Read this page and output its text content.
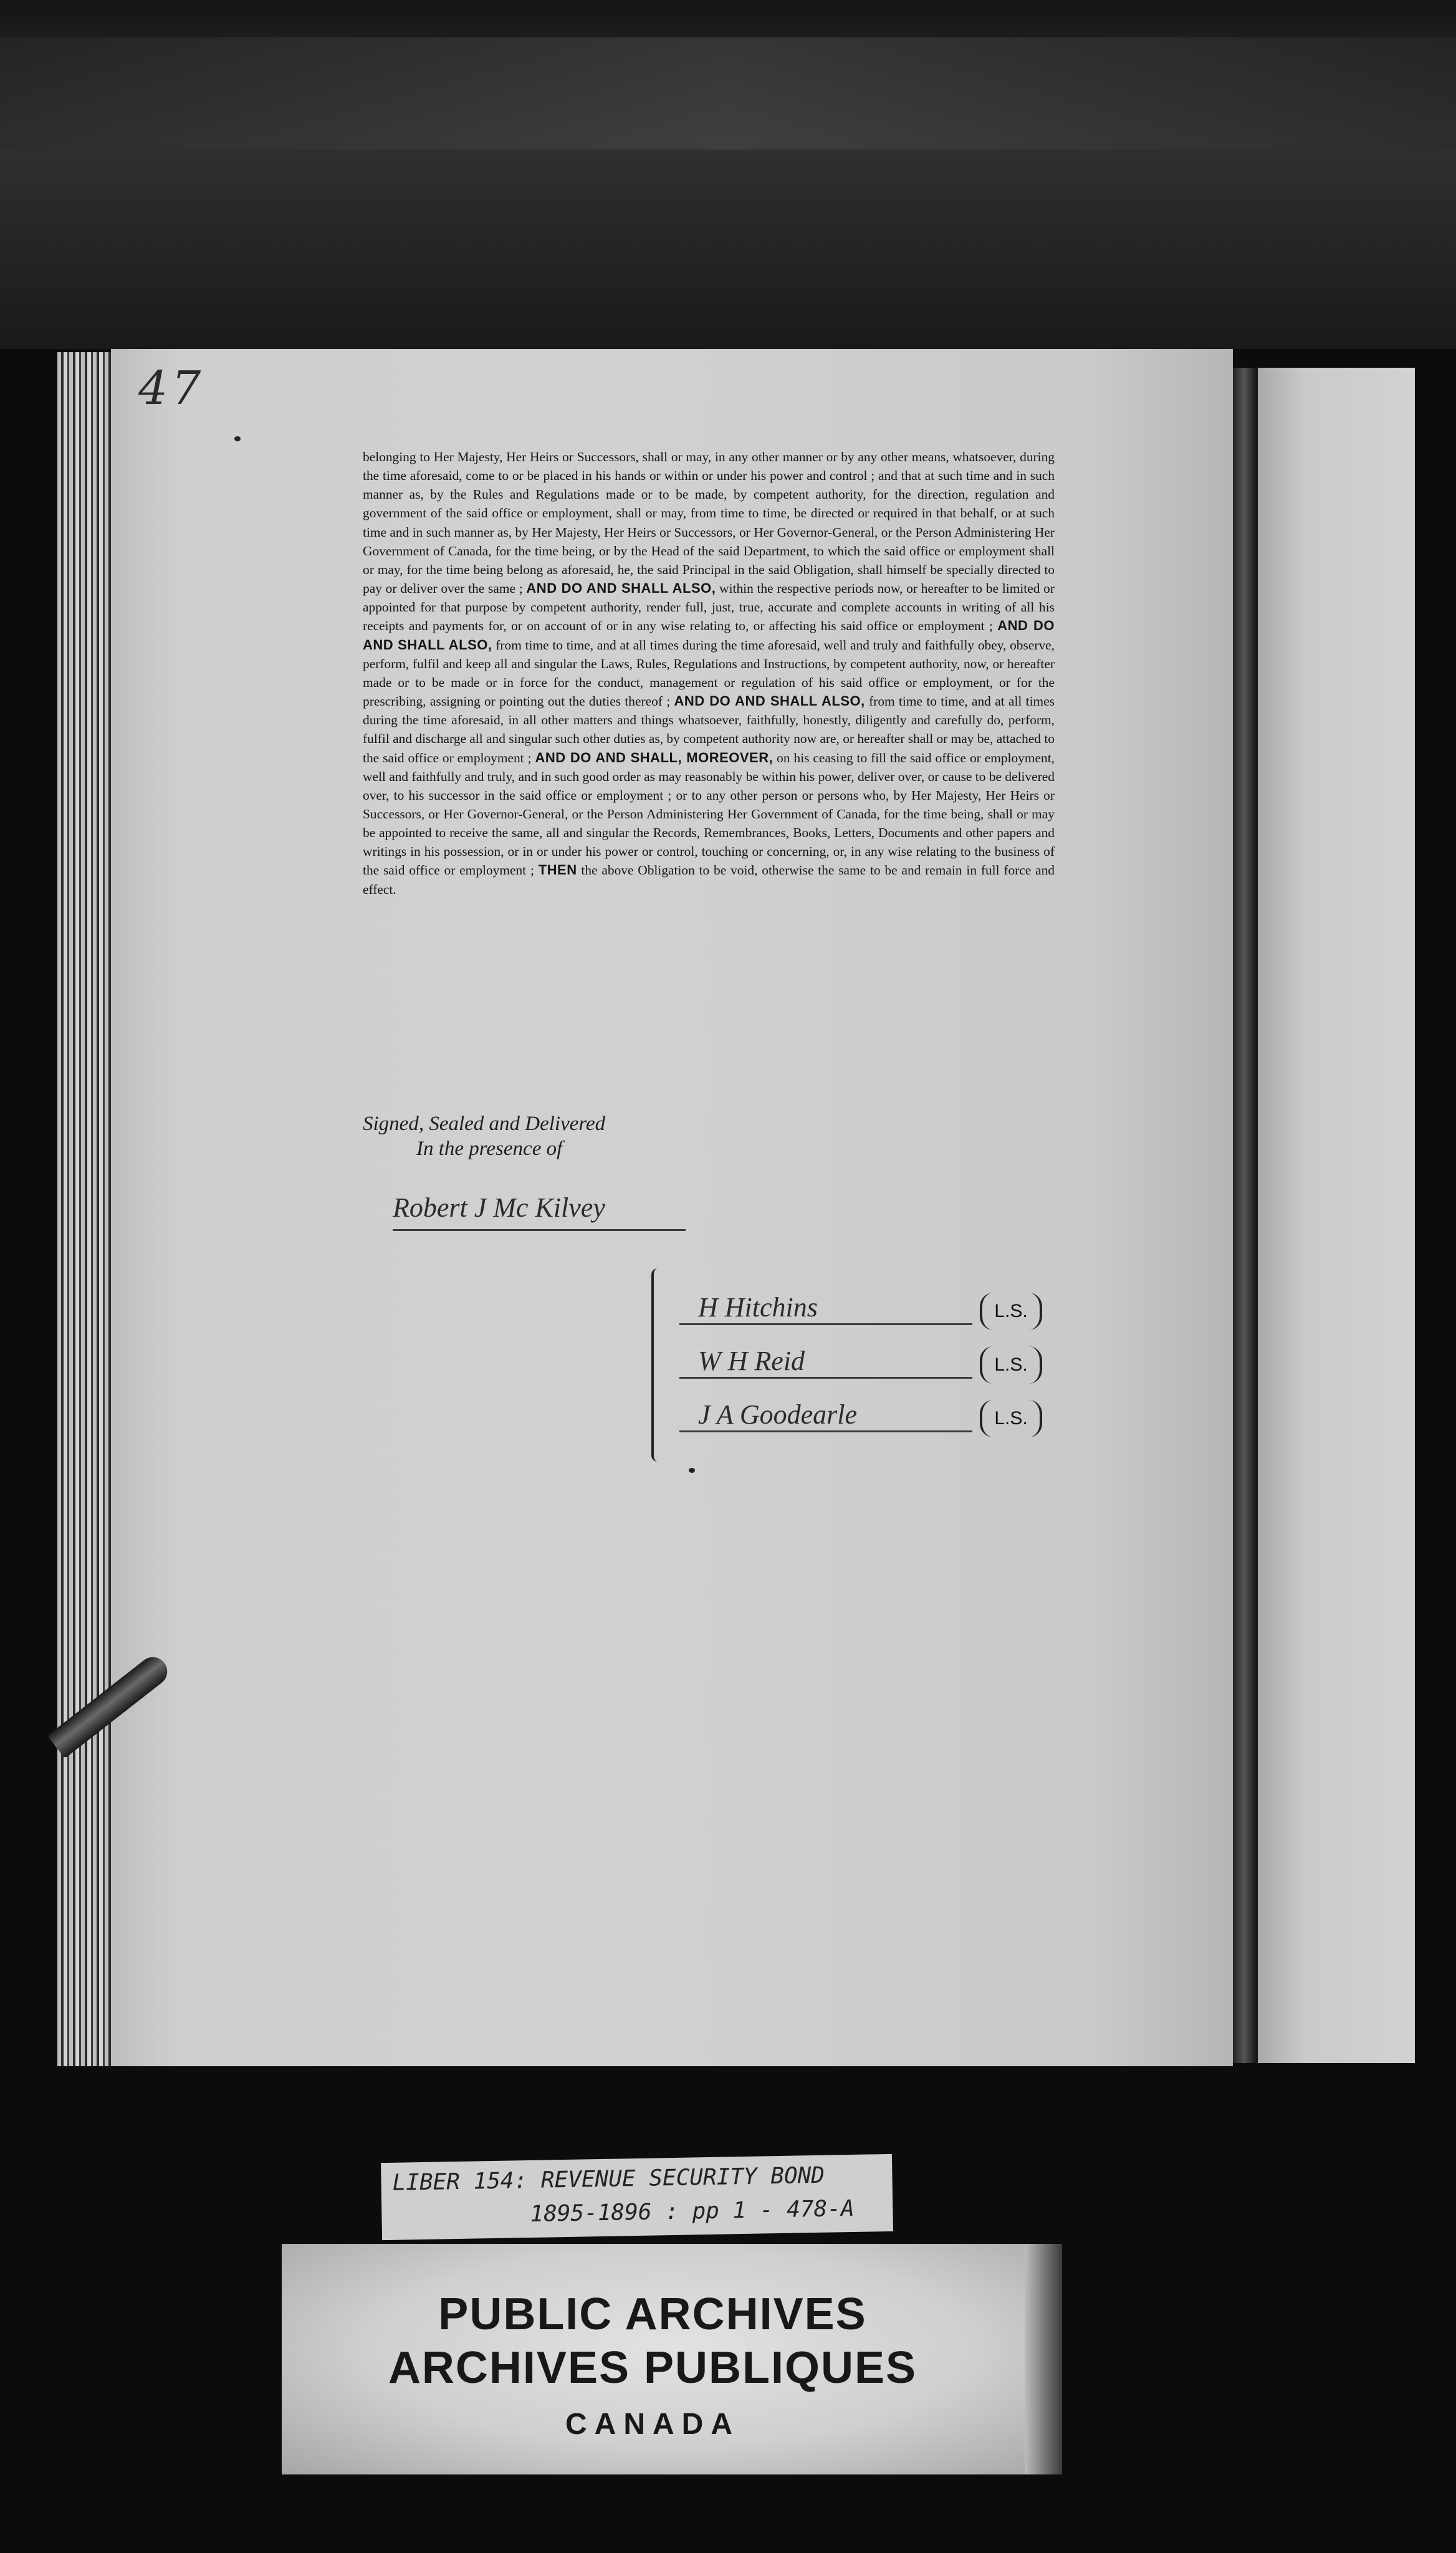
47

belonging to Her Majesty, Her Heirs or Successors, shall or may, in any other manner or by any other means, whatsoever, during the time aforesaid, come to or be placed in his hands or within or under his power and control ; and that at such time and in such manner as, by the Rules and Regulations made or to be made, by competent authority, for the direction, regulation and government of the said office or employment, shall or may, from time to time, be directed or required in that behalf, or at such time and in such manner as, by Her Majesty, Her Heirs or Successors, or Her Governor-General, or the Person Administering Her Government of Canada, for the time being, or by the Head of the said Department, to which the said office or employment shall or may, for the time being belong as aforesaid, he, the said Principal in the said Obligation, shall himself be specially directed to pay or deliver over the same ; AND DO AND SHALL ALSO, within the respective periods now, or hereafter to be limited or appointed for that purpose by competent authority, render full, just, true, accurate and complete accounts in writing of all his receipts and payments for, or on account of or in any wise relating to, or affecting his said office or employment ; AND DO AND SHALL ALSO, from time to time, and at all times during the time aforesaid, well and truly and faithfully obey, observe, perform, fulfil and keep all and singular the Laws, Rules, Regulations and Instructions, by competent authority, now, or hereafter made or to be made or in force for the conduct, management or regulation of his said office or employment, or for the prescribing, assigning or pointing out the duties thereof ; AND DO AND SHALL ALSO, from time to time, and at all times during the time aforesaid, in all other matters and things whatsoever, faithfully, honestly, diligently and carefully do, perform, fulfil and discharge all and singular such other duties as, by competent authority now are, or hereafter shall or may be, attached to the said office or employment ; AND DO AND SHALL, MOREOVER, on his ceasing to fill the said office or employment, well and faithfully and truly, and in such good order as may reasonably be within his power, deliver over, or cause to be delivered over, to his successor in the said office or employment ; or to any other person or persons who, by Her Majesty, Her Heirs or Successors, or Her Governor-General, or the Person Administering Her Government of Canada, for the time being, shall or may be appointed to receive the same, all and singular the Records, Remembrances, Books, Letters, Documents and other papers and writings in his possession, or in or under his power or control, touching or concerning, or, in any wise relating to the business of the said office or employment ; THEN the above Obligation to be void, otherwise the same to be and remain in full force and effect.

Signed, Sealed and Delivered
In the presence of
Robert J Mc Kilvey
H Hitchins	L.S.
W H Reid	L.S.
J A Goodearle	L.S.
LIBER 154: REVENUE SECURITY BOND
1895-1896 : pp 1 - 478-A
PUBLIC ARCHIVES
ARCHIVES PUBLIQUES
CANADA
